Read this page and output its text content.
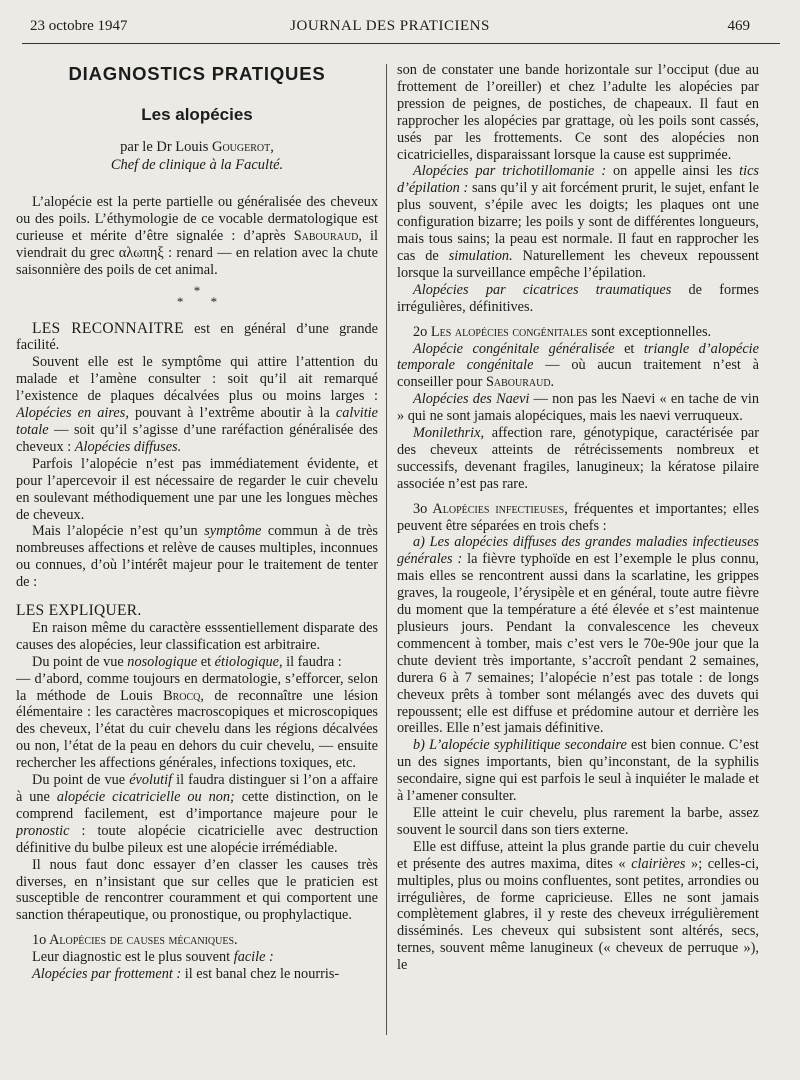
23 octobre 1947	JOURNAL DES PRATICIENS	469
DIAGNOSTICS PRATIQUES
Les alopécies
par le Dr Louis Gougerot,
Chef de clinique à la Faculté.

L’alopécie est la perte partielle ou généralisée des cheveux ou des poils. L’éthymologie de ce vocable dermatologique est curieuse et mérite d’être signalée : d’après Sabouraud, il viendrait du grec αλωπηξ : renard — en relation avec la chute saisonnière des poils de cet animal.

*
* *

LES RECONNAITRE est en général d’une grande facilité.

Souvent elle est le symptôme qui attire l’attention du malade et l’amène consulter : soit qu’il ait remarqué l’existence de plaques décalvées plus ou moins larges : Alopécies en aires, pouvant à l’extrême aboutir à la calvitie totale — soit qu’il s’agisse d’une raréfaction généralisée des cheveux : Alopécies diffuses.

Parfois l’alopécie n’est pas immédiatement évidente, et pour l’apercevoir il est nécessaire de regarder le cuir chevelu en soulevant méthodiquement une par une les longues mèches de cheveux.

Mais l’alopécie n’est qu’un symptôme commun à de très nombreuses affections et relève de causes multiples, inconnues ou connues, d’où l’intérêt majeur pour le traitement de tenter de :

LES EXPLIQUER.

En raison même du caractère esssentiellement disparate des causes des alopécies, leur classification est arbitraire.

Du point de vue nosologique et étiologique, il faudra :

— d’abord, comme toujours en dermatologie, s’efforcer, selon la méthode de Louis Brocq, de reconnaître une lésion élémentaire : les caractères macroscopiques et microscopiques des cheveux, l’état du cuir chevelu dans les régions décalvées ou non, l’état de la peau en dehors du cuir chevelu, — ensuite rechercher les affections générales, infections toxiques, etc.

Du point de vue évolutif il faudra distinguer si l’on a affaire à une alopécie cicatricielle ou non; cette distinction, on le comprend facilement, est d’importance majeure pour le pronostic : toute alopécie cicatricielle avec destruction définitive du bulbe pileux est une alopécie irrémédiable.

Il nous faut donc essayer d’en classer les causes très diverses, en n’insistant que sur celles que le praticien est susceptible de rencontrer couramment et qui comportent une sanction thérapeutique, ou pronostique, ou prophylactique.

1o Alopécies de causes mécaniques.

Leur diagnostic est le plus souvent facile :

Alopécies par frottement : il est banal chez le nourris-

son de constater une bande horizontale sur l’occiput (due au frottement de l’oreiller) et chez l’adulte les alopécies par pression de peignes, de postiches, de chapeaux. Il faut en rapprocher les alopécies par grattage, où les poils sont cassés, usés par les frottements. Ce sont des alopécies non cicatricielles, disparaissant lorsque la cause est supprimée.

Alopécies par trichotillomanie : on appelle ainsi les tics d’épilation : sans qu’il y ait forcément prurit, le sujet, enfant le plus souvent, s’épile avec les doigts; les plaques ont une configuration bizarre; les poils y sont de différentes longueurs, mais tous sains; la peau est normale. Il faut en rapprocher les cas de simulation. Naturellement les cheveux repoussent lorsque la surveillance empêche l’épilation.

Alopécies par cicatrices traumatiques de formes irrégulières, définitives.

2o Les alopécies congénitales sont exceptionnelles.

Alopécie congénitale généralisée et triangle d’alopécie temporale congénitale — où aucun traitement n’est à conseiller pour Sabouraud.

Alopécies des Naevi — non pas les Naevi « en tache de vin » qui ne sont jamais alopéciques, mais les naevi verruqueux.

Monilethrix, affection rare, génotypique, caractérisée par des cheveux atteints de rétrécissements nombreux et successifs, devenant fragiles, lanugineux; la kératose pilaire associée n’est pas rare.

3o Alopécies infectieuses, fréquentes et importantes; elles peuvent être séparées en trois chefs :

a) Les alopécies diffuses des grandes maladies infectieuses générales : la fièvre typhoïde en est l’exemple le plus connu, mais elles se rencontrent aussi dans la scarlatine, les grippes graves, la rougeole, l’érysipèle et en général, toute autre fièvre du moment que la température a été élevée et s’est maintenue plusieurs jours. Pendant la convalescence les cheveux commencent à tomber, mais c’est vers le 70e-90e jour que la chute devient très importante, s’accroît pendant 2 semaines, durera 6 à 7 semaines; l’alopécie n’est pas totale : de longs cheveux prêts à tomber sont mélangés avec des duvets qui repoussent; elle est diffuse et prédomine autour et derrière les oreilles. Elle n’est jamais définitive.

b) L’alopécie syphilitique secondaire est bien connue. C’est un des signes importants, bien qu’inconstant, de la syphilis secondaire, signe qui est parfois le seul à inquiéter le malade et à l’amener consulter.

Elle atteint le cuir chevelu, plus rarement la barbe, assez souvent le sourcil dans son tiers externe.

Elle est diffuse, atteint la plus grande partie du cuir chevelu et présente des autres maxima, dites « clairières »; celles-ci, multiples, plus ou moins confluentes, sont petites, arrondies ou irrégulières, de forme capricieuse. Elles ne sont jamais complètement glabres, il y reste des cheveux irrégulièrement disséminés. Les cheveux qui subsistent sont altérés, secs, ternes, souvent même lanugineux (« cheveux de perruque »), le
